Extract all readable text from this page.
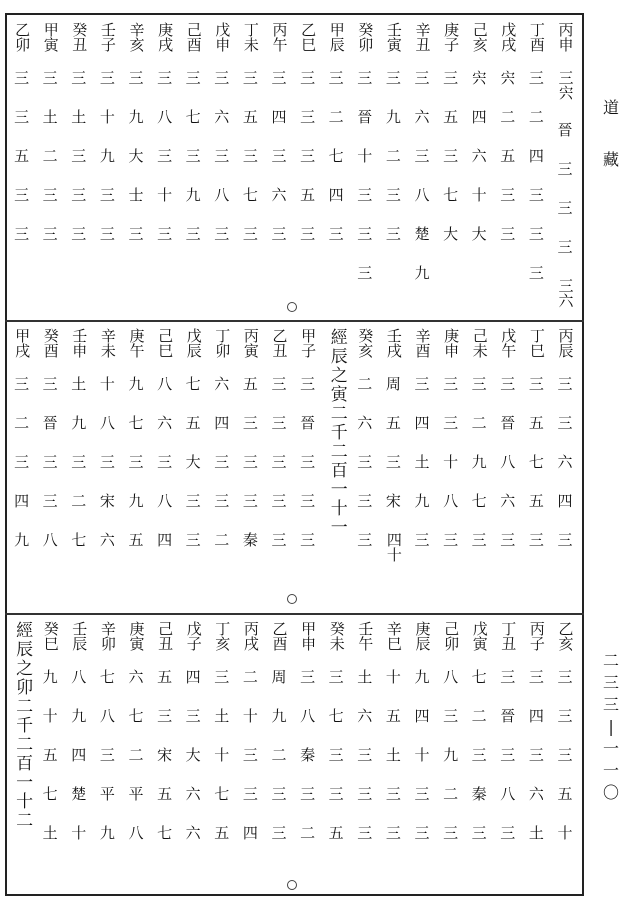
丙申
三宍
晉
三
三
三
三六
丁酉
三
二
四
三
三
三
戊戌
宍
二
五
三
三
己亥
宍
四
六
十
大
庚子
三
五
三
七
大
辛丑
三
六
三
八
楚
九
壬寅
三
九
二
三
三
癸卯
三
晉
十
三
三
三
甲辰
三
二
七
四
三
乙巳
三
三
三
五
三
丙午
三
四
三
六
三
丁未
三
五
三
七
三
戊申
三
六
三
八
三
己酉
三
七
三
九
三
庚戌
三
八
三
十
三
辛亥
三
九
大
士
三
壬子
三
十
九
三
三
癸丑
三
土
三
三
三
甲寅
三
土
二
三
三
乙卯
三
三
五
三
三
丙辰
三
三
六
四
三
丁巳
三
五
七
五
三
戊午
三
晉
八
六
三
己未
三
二
九
七
三
庚申
三
三
十
八
三
辛酉
三
四
土
九
三
壬戌
周
五
三
宋
四十
癸亥
二
六
三
三
三
經辰之寅二千二百一十一
甲子
三
晉
三
三
三
乙丑
三
三
三
三
三
丙寅
五
三
三
三
秦
丁卯
六
四
三
三
二
戊辰
七
五
大
三
三
己巳
八
六
三
八
四
庚午
九
七
三
九
五
辛未
十
八
三
宋
六
壬申
土
九
三
二
七
癸酉
三
晉
三
三
八
甲戌
三
二
三
四
九
乙亥
三
三
三
五
十
丙子
三
四
三
六
土
丁丑
三
晉
三
八
三
戊寅
七
二
三
秦
三
己卯
八
三
九
二
三
庚辰
九
四
十
三
三
辛巳
十
五
土
三
三
壬午
土
六
三
三
三
癸未
三
七
三
三
五
甲申
三
八
秦
三
二
乙酉
周
九
二
三
三
丙戌
二
十
三
三
四
丁亥
三
土
十
七
五
戊子
四
三
大
六
六
己丑
五
三
宋
五
七
庚寅
六
七
二
平
八
辛卯
七
八
三
平
九
壬辰
八
九
四
楚
十
癸巳
九
十
五
七
土
經辰之卯二千二百一十二
道
藏
二
三
三
|
一
一
〇
